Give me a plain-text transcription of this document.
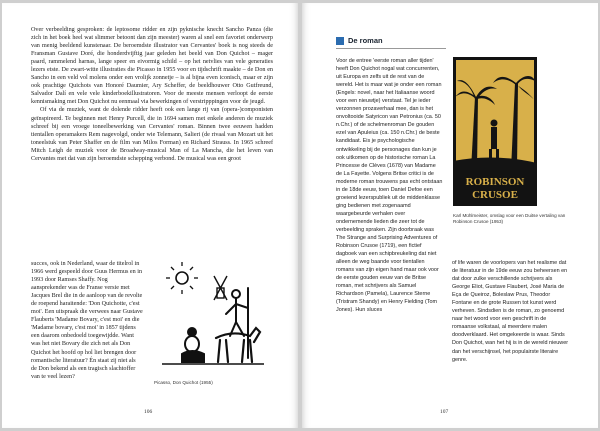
Over verbeelding gesproken: de leptosome ridder en zijn pyknische knecht Sancho Panza (die zich in het boek heel wat slimmer betoont dan zijn meester) waren al snel een favoriet onderwerp van menig beeldend kunstenaar. De beroemdste illustrator van Cervantes' boek is nog steeds de Fransman Gustave Doré, die honderdvijftig jaar geleden het beeld van Don Quichot – mager paard, rammelend harnas, lange speer en eivormig schild – op het netvlies van vele generaties lezers etste. De zwart-witte illustraties die Picasso in 1955 voor en tijdschrift maakte – de Don en Sancho in een veld vol molens onder een vrolijk zonnetje – is al bijna even iconisch, maar er zijn ook prachtige Quichots van Honoré Daumier, Ary Scheffer, de beeldhouwer Otto Gutfreund, Salvador Dalí en vele vele kinderboekillustratoren. Voor de meeste mensen verloopt de eerste kennismaking met Don Quichot nu eenmaal via bewerkingen of verstripppingen voor de jeugd.

Of via de muziek, want de dolende ridder heeft ook een lange rij van (opera-)componisten geïnspireerd. Te beginnen met Henry Purcell, die in 1694 samen met enkele anderen de muziek schreef bij een vroege toneelbewerking van Cervantes' roman. Binnen twee eeuwen hadden tientallen operamakers Rem nagevolgd, onder wie Telemann, Salieri (de rivaal van Mozart uit het toneelstuk van Peter Shaffer en de film van Milos Forman) en Richard Strauss. In 1965 schreef Mitch Leigh de muziek voor de Broadway-musical Man of La Mancha, die het leven van Cervantes met dat van zijn beroemdste schepping verbond. De musical was een groot

succes, ook in Nederland, waar de titelrol in 1966 werd gespeeld door Guus Hermus en in 1993 door Ramses Shaffy. Nog aansprekender was de Franse versie met Jacques Brel die in de aanloop van de revolte de roepend haraitende: 'Don Quichotte, c'est moi'. Een uitspraak die verwees naar Gustave Flauberts 'Madame Bovary, c'est moi' en die 'Madame bovary, c'est moi' in 1857 tijdens een daarom onbedoeld toegewijdde. Want was het niet Bovary die zich net als Don Quichot het hoofd op hol liet brengen door romantische literatuur? Én staat zij niet als de Don bekend als een tragisch slachtoffer van te veel lezen?
Picasso, Don Quichot (1955)
106
De roman
Voor de entree 'eerste roman aller tijden' heeft Don Quichot nogal wat concurrenten, uit Europa en zelfs uit de rest van de wereld. Het is maar wat je onder een roman (Engels: novel, naar het Italiaanse woord voor een nieuwtje) verstaat. Tel je ieder verzonnen prozaverhaal mee, dan is het onvoltooide Satyricon van Petronius (ca. 50 n.Chr.) of de schelmenroman De gouden ezel van Apuleius (ca. 150 n.Chr.) de beste kandidaat. Eis je psychologische ontwikkeling bij de personages dan kun je ook uitkomen op de historische roman La Princesse de Clèves (1678) van Madame de La Fayette. Volgens Britse critici is de moderne roman trouwens pas echt ontstaan in de 18de eeuw, toen Daniel Defoe een groeiend lezerspubliek uit de middenklasse ging bedienen met zogenaamd waargebeurde verhalen over ondernemende lieden die zeer tot de verbeelding spraken. Zijn doorbraak was The Strange and Surprising Adventures of Robinson Crusoe (1719), een fictief dagboek van een schipbreukeling dat niet alleen de weg baande voor tientallen romans van zijn eigen hand maar ook voor de eerste gouden eeuw van de Britse roman, met schrijvers als Samuel Richardson (Pamela), Laurence Sterne (Tristram Shandy) en Henry Fielding (Tom Jones). Hun sluces
ROBINSON
CRUSOE
Karl Mühlmeister, omslag voor een Duitse vertaling van Robinson Crusoe (1953)
of life waren de voorlopers van het realisme dat de literatuur in de 19de eeuw zou beheersen en dat door zulke verschillende schrijvers als George Eliot, Gustave Flaubert, José Maria de Eça de Queiroz, Boleslaw Prus, Theodor Fontane en de grote Russen tot kunst werd verheven. Sindsdien is de roman, zo genoemd naar het woord voor een geschrift in de romaanse volkstaal, al meerdere malen doodverklaard. Het omgekeerde is waar. Sinds Don Quichot, wan het hij is in de wereld nieuwer dan het verschijnsel, het populairste literaire genre.
107
